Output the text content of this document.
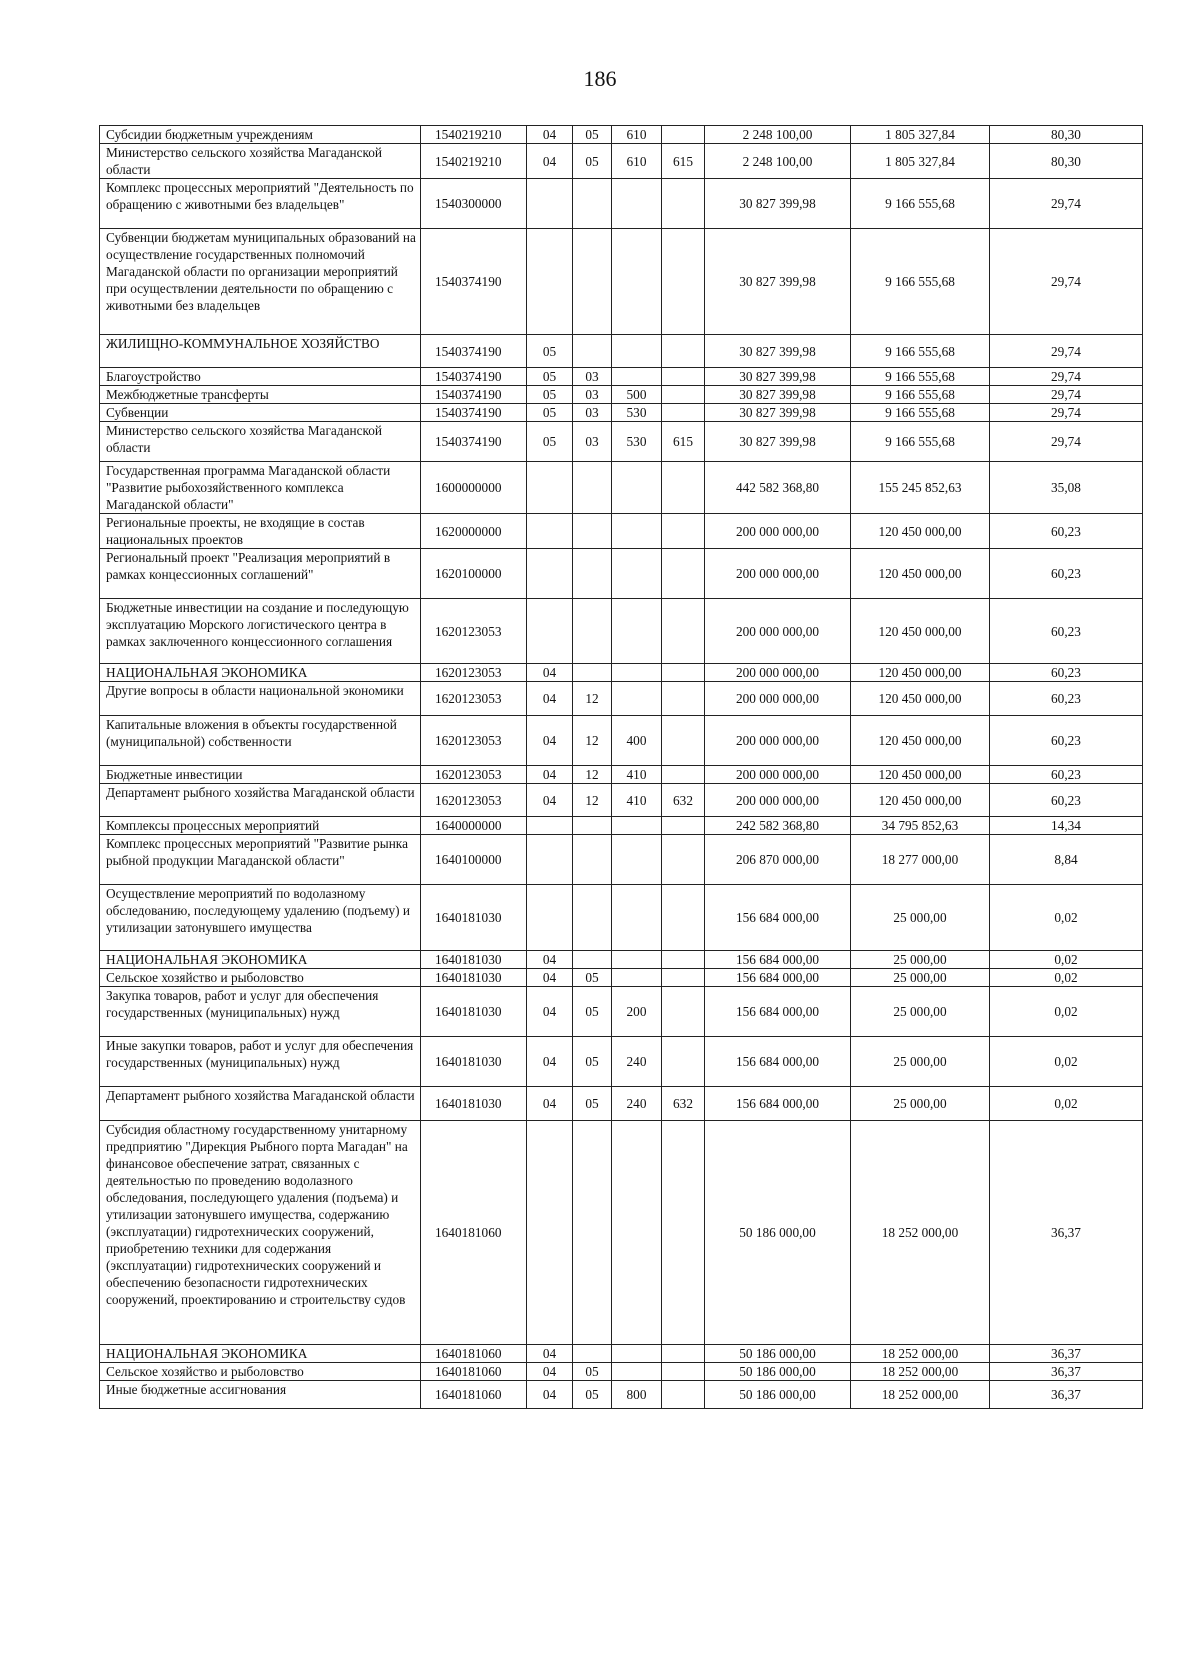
186
Субсидии бюджетным учреждениям	1540219210	04	05	610		2 248 100,00	1 805 327,84	80,30
Министерство сельского хозяйства Магаданской области	1540219210	04	05	610	615	2 248 100,00	1 805 327,84	80,30
Комплекс процессных мероприятий "Деятельность по обращению с животными без владельцев"	1540300000					30 827 399,98	9 166 555,68	29,74
Субвенции бюджетам муниципальных образований на осуществление государственных полномочий Магаданской области по организации мероприятий при осуществлении деятельности по обращению с животными без владельцев	1540374190					30 827 399,98	9 166 555,68	29,74
ЖИЛИЩНО-КОММУНАЛЬНОЕ ХОЗЯЙСТВО	1540374190	05				30 827 399,98	9 166 555,68	29,74
Благоустройство	1540374190	05	03			30 827 399,98	9 166 555,68	29,74
Межбюджетные трансферты	1540374190	05	03	500		30 827 399,98	9 166 555,68	29,74
Субвенции	1540374190	05	03	530		30 827 399,98	9 166 555,68	29,74
Министерство сельского хозяйства Магаданской области	1540374190	05	03	530	615	30 827 399,98	9 166 555,68	29,74
Государственная программа Магаданской области "Развитие рыбохозяйственного комплекса Магаданской области"	1600000000					442 582 368,80	155 245 852,63	35,08
Региональные проекты, не входящие в состав национальных проектов	1620000000					200 000 000,00	120 450 000,00	60,23
Региональный проект "Реализация мероприятий в рамках концессионных соглашений"	1620100000					200 000 000,00	120 450 000,00	60,23
Бюджетные инвестиции на создание и последующую эксплуатацию Морского логистического центра в рамках заключенного концессионного соглашения	1620123053					200 000 000,00	120 450 000,00	60,23
НАЦИОНАЛЬНАЯ ЭКОНОМИКА	1620123053	04				200 000 000,00	120 450 000,00	60,23
Другие вопросы в области национальной экономики	1620123053	04	12			200 000 000,00	120 450 000,00	60,23
Капитальные вложения в объекты государственной (муниципальной) собственности	1620123053	04	12	400		200 000 000,00	120 450 000,00	60,23
Бюджетные инвестиции	1620123053	04	12	410		200 000 000,00	120 450 000,00	60,23
Департамент рыбного хозяйства Магаданской области	1620123053	04	12	410	632	200 000 000,00	120 450 000,00	60,23
Комплексы процессных мероприятий	1640000000					242 582 368,80	34 795 852,63	14,34
Комплекс процессных мероприятий "Развитие рынка рыбной продукции Магаданской области"	1640100000					206 870 000,00	18 277 000,00	8,84
Осуществление мероприятий по водолазному обследованию, последующему удалению (подъему) и утилизации затонувшего имущества	1640181030					156 684 000,00	25 000,00	0,02
НАЦИОНАЛЬНАЯ ЭКОНОМИКА	1640181030	04				156 684 000,00	25 000,00	0,02
Сельское хозяйство и рыболовство	1640181030	04	05			156 684 000,00	25 000,00	0,02
Закупка товаров, работ и услуг для обеспечения государственных (муниципальных) нужд	1640181030	04	05	200		156 684 000,00	25 000,00	0,02
Иные закупки товаров, работ и услуг для обеспечения государственных (муниципальных) нужд	1640181030	04	05	240		156 684 000,00	25 000,00	0,02
Департамент рыбного хозяйства Магаданской области	1640181030	04	05	240	632	156 684 000,00	25 000,00	0,02
Субсидия областному государственному унитарному предприятию "Дирекция Рыбного порта Магадан" на финансовое обеспечение затрат, связанных с деятельностью по проведению водолазного обследования, последующего удаления (подъема) и утилизации затонувшего имущества, содержанию (эксплуатации) гидротехнических сооружений, приобретению техники для содержания (эксплуатации) гидротехнических сооружений и обеспечению безопасности гидротехнических сооружений, проектированию и строительству судов	1640181060					50 186 000,00	18 252 000,00	36,37
НАЦИОНАЛЬНАЯ ЭКОНОМИКА	1640181060	04				50 186 000,00	18 252 000,00	36,37
Сельское хозяйство и рыболовство	1640181060	04	05			50 186 000,00	18 252 000,00	36,37
Иные бюджетные ассигнования	1640181060	04	05	800		50 186 000,00	18 252 000,00	36,37
